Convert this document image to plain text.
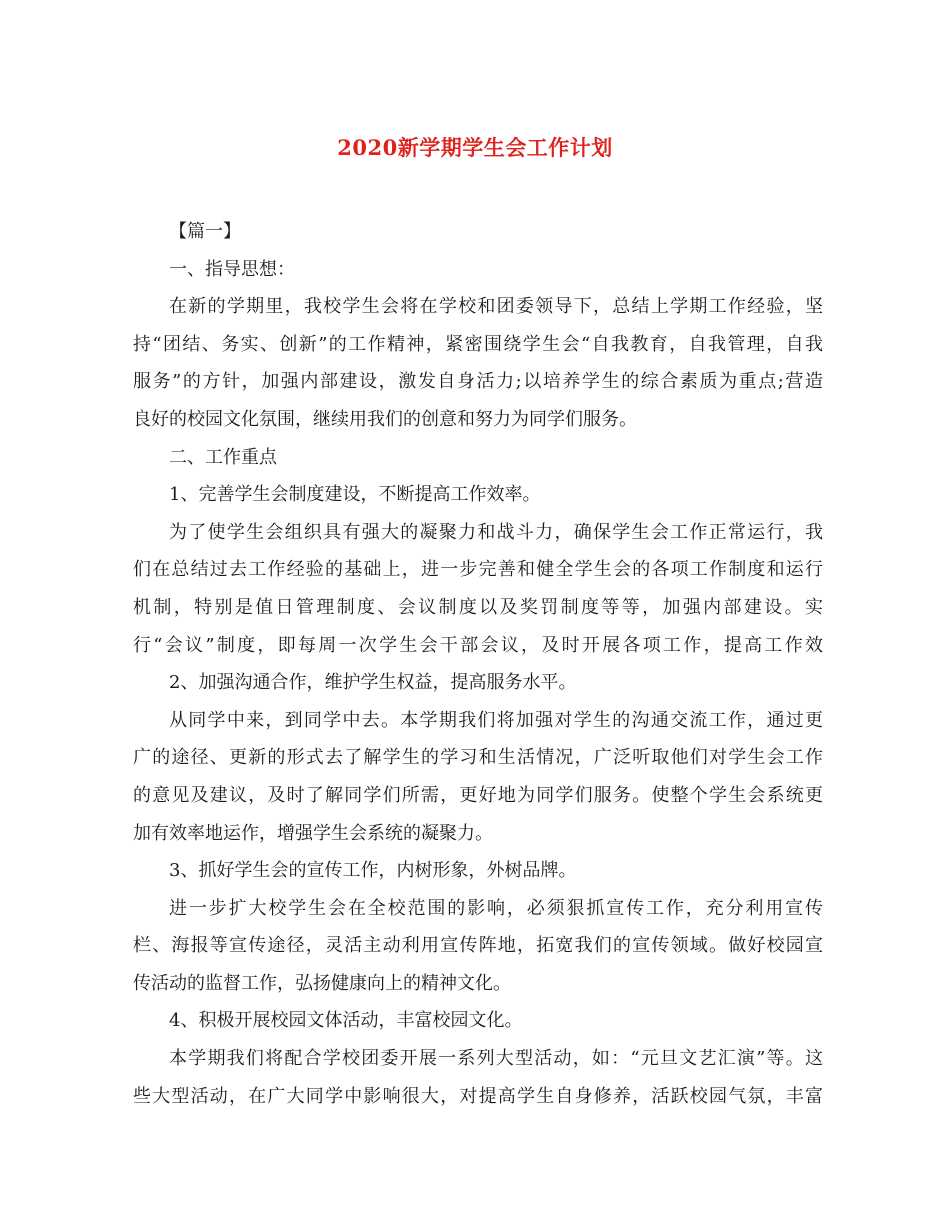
2020新学期学生会工作计划

【篇一】

一、指导思想：

在新的学期里，我校学生会将在学校和团委领导下，总结上学期工作经验，坚

持“团结、务实、创新”的工作精神，紧密围绕学生会“自我教育，自我管理，自我

服务”的方针，加强内部建设，激发自身活力;以培养学生的综合素质为重点;营造

良好的校园文化氛围，继续用我们的创意和努力为同学们服务。

二、工作重点

1、完善学生会制度建设，不断提高工作效率。

为了使学生会组织具有强大的凝聚力和战斗力，确保学生会工作正常运行，我

们在总结过去工作经验的基础上，进一步完善和健全学生会的各项工作制度和运行

机制，特别是值日管理制度、会议制度以及奖罚制度等等，加强内部建设。实

行“会议”制度，即每周一次学生会干部会议，及时开展各项工作，提高工作效

2、加强沟通合作，维护学生权益，提高服务水平。

从同学中来，到同学中去。本学期我们将加强对学生的沟通交流工作，通过更

广的途径、更新的形式去了解学生的学习和生活情况，广泛听取他们对学生会工作

的意见及建议，及时了解同学们所需，更好地为同学们服务。使整个学生会系统更

加有效率地运作，增强学生会系统的凝聚力。

3、抓好学生会的宣传工作，内树形象，外树品牌。

进一步扩大校学生会在全校范围的影响，必须狠抓宣传工作，充分利用宣传

栏、海报等宣传途径，灵活主动利用宣传阵地，拓宽我们的宣传领域。做好校园宣

传活动的监督工作，弘扬健康向上的精神文化。

4、积极开展校园文体活动，丰富校园文化。

本学期我们将配合学校团委开展一系列大型活动，如：“元旦文艺汇演”等。这

些大型活动，在广大同学中影响很大，对提高学生自身修养，活跃校园气氛，丰富
